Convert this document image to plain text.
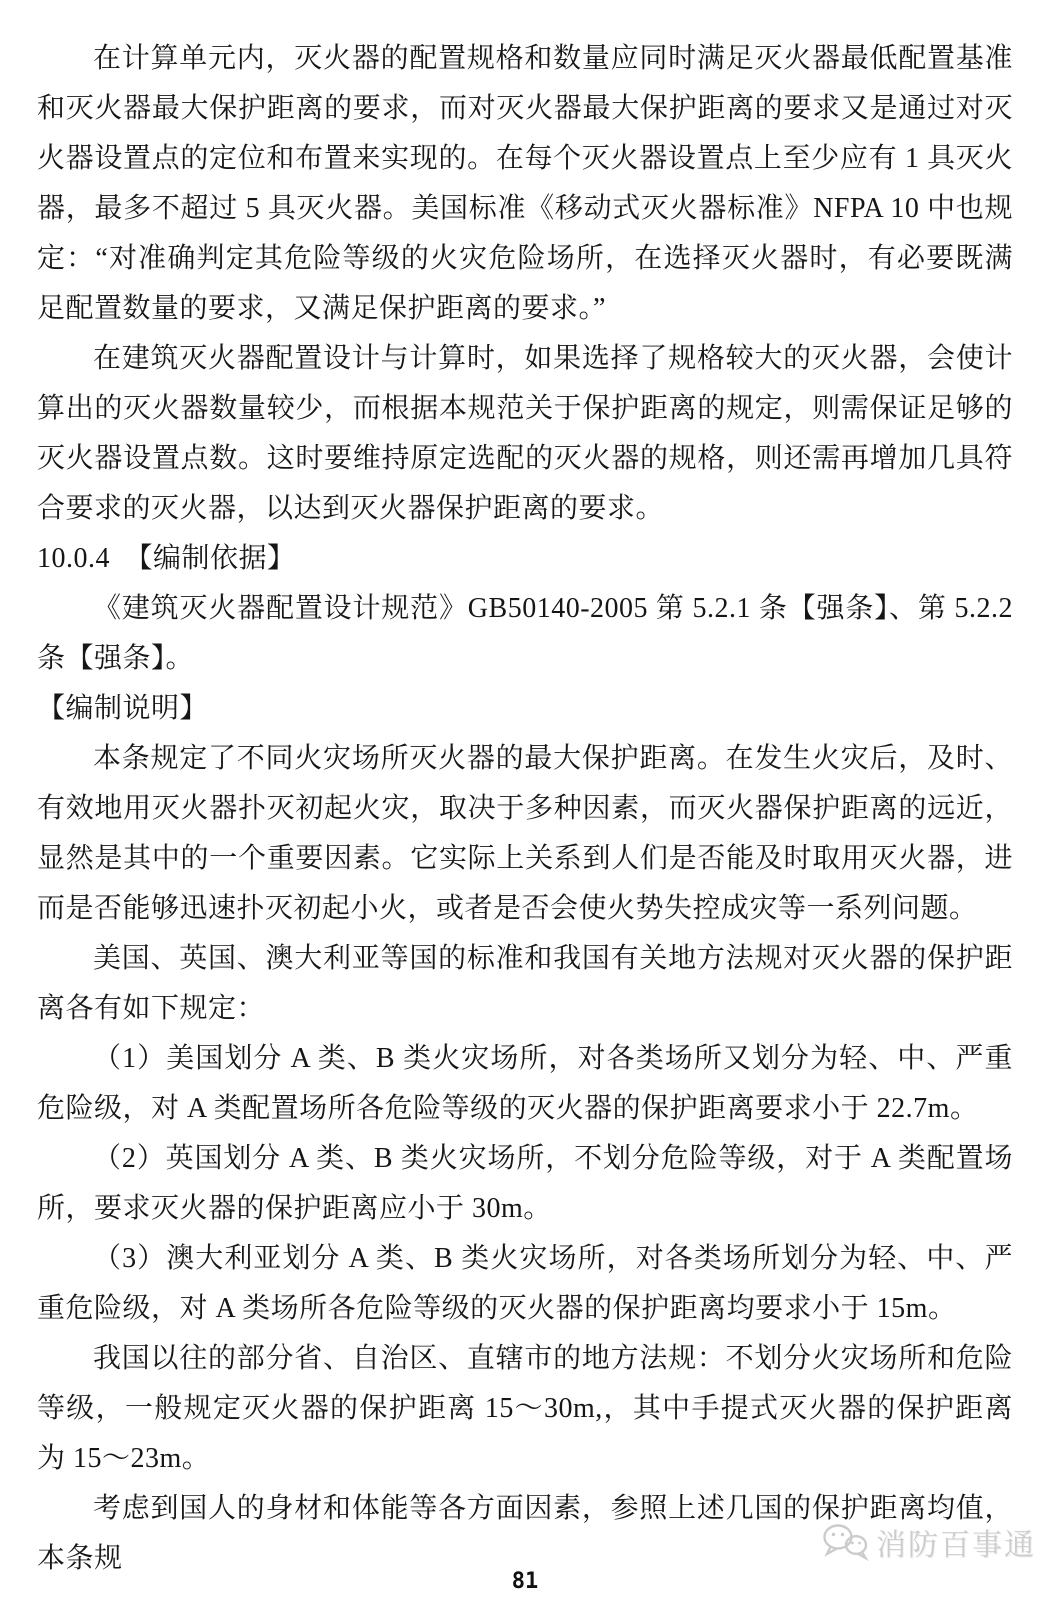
在计算单元内，灭火器的配置规格和数量应同时满足灭火器最低配置基准和灭火器最大保护距离的要求，而对灭火器最大保护距离的要求又是通过对灭火器设置点的定位和布置来实现的。在每个灭火器设置点上至少应有 1 具灭火器，最多不超过 5 具灭火器。美国标准《移动式灭火器标准》NFPA 10 中也规定：“对准确判定其危险等级的火灾危险场所，在选择灭火器时，有必要既满足配置数量的要求，又满足保护距离的要求。”

在建筑灭火器配置设计与计算时，如果选择了规格较大的灭火器，会使计算出的灭火器数量较少，而根据本规范关于保护距离的规定，则需保证足够的灭火器设置点数。这时要维持原定选配的灭火器的规格，则还需再增加几具符合要求的灭火器，以达到灭火器保护距离的要求。

10.0.4　【编制依据】

《建筑灭火器配置设计规范》GB50140-2005 第 5.2.1 条【强条】、第 5.2.2 条【强条】。

【编制说明】

本条规定了不同火灾场所灭火器的最大保护距离。在发生火灾后，及时、有效地用灭火器扑灭初起火灾，取决于多种因素，而灭火器保护距离的远近，显然是其中的一个重要因素。它实际上关系到人们是否能及时取用灭火器，进而是否能够迅速扑灭初起小火，或者是否会使火势失控成灾等一系列问题。

美国、英国、澳大利亚等国的标准和我国有关地方法规对灭火器的保护距离各有如下规定：

（1）美国划分 A 类、B 类火灾场所，对各类场所又划分为轻、中、严重危险级，对 A 类配置场所各危险等级的灭火器的保护距离要求小于 22.7m。

（2）英国划分 A 类、B 类火灾场所，不划分危险等级，对于 A 类配置场所，要求灭火器的保护距离应小于 30m。

（3）澳大利亚划分 A 类、B 类火灾场所，对各类场所划分为轻、中、严重危险级，对 A 类场所各危险等级的灭火器的保护距离均要求小于 15m。

我国以往的部分省、自治区、直辖市的地方法规：不划分火灾场所和危险等级，一般规定灭火器的保护距离 15～30m,，其中手提式灭火器的保护距离为 15～23m。

考虑到国人的身材和体能等各方面因素，参照上述几国的保护距离均值，本条规	消防百事通
81
